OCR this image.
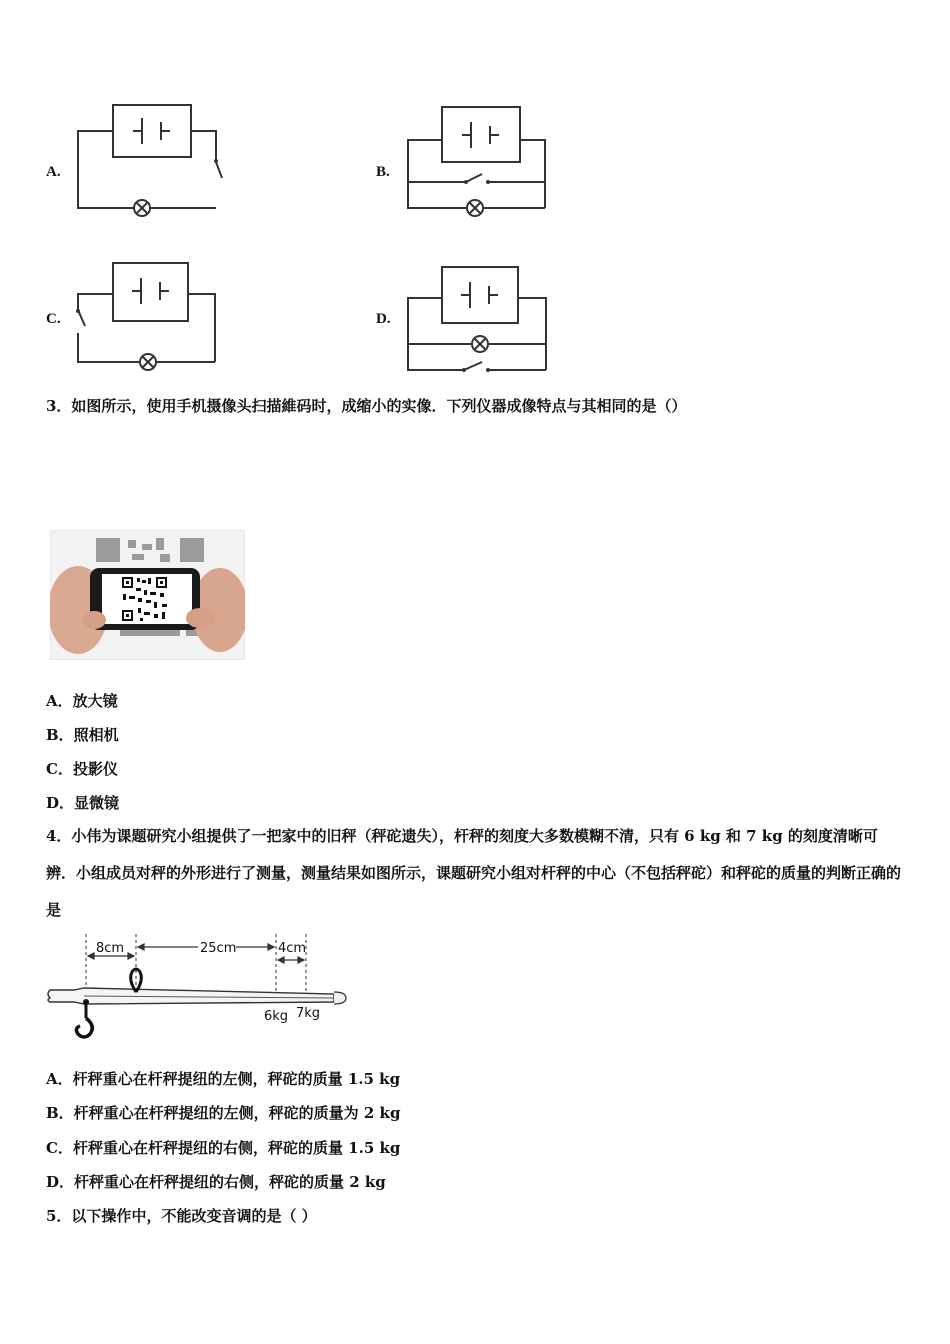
A.	B.
C.	D.
3．如图所示，使用手机摄像头扫描維码时，成缩小的实像．下列仪器成像特点与其相同的是（）
A．放大镜
B．照相机
C．投影仪
D．显微镜
4．小伟为课题研究小组提供了一把家中的旧秤（秤砣遗失），杆秤的刻度大多数模糊不清，只有 6 kg 和 7 kg 的刻度清晰可辨．小组成员对秤的外形进行了测量，测量结果如图所示，课题研究小组对杆秤的中心（不包括秤砣）和秤砣的质量的判断正确的是
8cm	25cm	4cm
6kg 7kg
A．杆秤重心在杆秤提纽的左侧，秤砣的质量 1.5 kg
B．杆秤重心在杆秤提纽的左侧，秤砣的质量为 2 kg
C．杆秤重心在杆秤提纽的右侧，秤砣的质量 1.5 kg
D．杆秤重心在杆秤提纽的右侧，秤砣的质量 2 kg
5．以下操作中，不能改变音调的是（ ）
